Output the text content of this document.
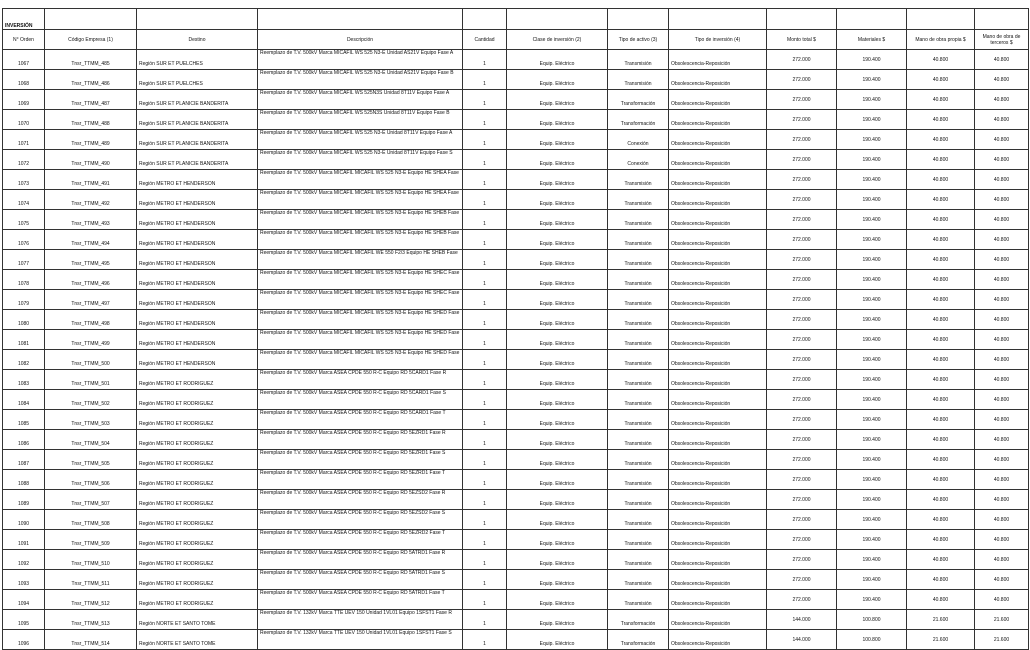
INVERSIÓN											
N° Orden	Código Empresa (1)	Destino	Descripción	Cantidad	Clase de inversión (2)	Tipo de activo (3)	Tipo de inversión (4)	Monto total $	Materiales $	Mano de obra propia $	Mano de obra de terceros $
1067	Tnsr_TTMM_485	Región SUR ET PUELCHES	Reemplazo de T.V. 500kV Marca MICAFIL WS 525 N3-E Unidad AS21V Equipo Fase A	1	Equip. Eléctrico	Transmisión	Obsolescencia-Reposición	272.000	190.400	40.800	40.800
1068	Tnsr_TTMM_486	Región SUR ET PUELCHES	Reemplazo de T.V. 500kV Marca MICAFIL WS 525 N3-E Unidad AS21V Equipo Fase B	1	Equip. Eléctrico	Transmisión	Obsolescencia-Reposición	272.000	190.400	40.800	40.800
1069	Tnsr_TTMM_487	Región SUR ET PLANICIE BANDERITA	Reemplazo de T.V. 500kV Marca MICAFIL WS 525N3S Unidad 8T11V Equipo Fase A	1	Equip. Eléctrico	Transformación	Obsolescencia-Reposición	272.000	190.400	40.800	40.800
1070	Tnsr_TTMM_488	Región SUR ET PLANICIE BANDERITA	Reemplazo de T.V. 500kV Marca MICAFIL WS 525N3S Unidad 8T11V Equipo Fase B	1	Equip. Eléctrico	Transformación	Obsolescencia-Reposición	272.000	190.400	40.800	40.800
1071	Tnsr_TTMM_489	Región SUR ET PLANICIE BANDERITA	Reemplazo de T.V. 500kV Marca MICAFIL WS 525 N3-E Unidad 8T11V Equipo Fase A	1	Equip. Eléctrico	Conexión	Obsolescencia-Reposición	272.000	190.400	40.800	40.800
1072	Tnsr_TTMM_490	Región SUR ET PLANICIE BANDERITA	Reemplazo de T.V. 500kV Marca MICAFIL WS 525 N3-E Unidad 8T11V Equipo Fase S	1	Equip. Eléctrico	Conexión	Obsolescencia-Reposición	272.000	190.400	40.800	40.800
1073	Tnsr_TTMM_491	Región METRO ET HENDERSON	Reemplazo de T.V. 500kV Marca MICAFIL MICAFIL WS 525 N3-E Equipo HE SHEA Fase	1	Equip. Eléctrico	Transmisión	Obsolescencia-Reposición	272.000	190.400	40.800	40.800
1074	Tnsr_TTMM_492	Región METRO ET HENDERSON	Reemplazo de T.V. 500kV Marca MICAFIL MICAFIL WS 525 N3-E Equipo HE SHEA Fase	1	Equip. Eléctrico	Transmisión	Obsolescencia-Reposición	272.000	190.400	40.800	40.800
1075	Tnsr_TTMM_493	Región METRO ET HENDERSON	Reemplazo de T.V. 500kV Marca MICAFIL MICAFIL WS 525 N3-E Equipo HE SHEB Fase	1	Equip. Eléctrico	Transmisión	Obsolescencia-Reposición	272.000	190.400	40.800	40.800
1076	Tnsr_TTMM_494	Región METRO ET HENDERSON	Reemplazo de T.V. 500kV Marca MICAFIL MICAFIL WS 525 N3-E Equipo HE SHEB Fase	1	Equip. Eléctrico	Transmisión	Obsolescencia-Reposición	272.000	190.400	40.800	40.800
1077	Tnsr_TTMM_495	Región METRO ET HENDERSON	Reemplazo de T.V. 500kV Marca MICAFIL MICAFIL WE 550 F2/3 Equipo HE SHEB Fase	1	Equip. Eléctrico	Transmisión	Obsolescencia-Reposición	272.000	190.400	40.800	40.800
1078	Tnsr_TTMM_496	Región METRO ET HENDERSON	Reemplazo de T.V. 500kV Marca MICAFIL MICAFIL WS 525 N3-E Equipo HE SHEC Fase	1	Equip. Eléctrico	Transmisión	Obsolescencia-Reposición	272.000	190.400	40.800	40.800
1079	Tnsr_TTMM_497	Región METRO ET HENDERSON	Reemplazo de T.V. 500kV Marca MICAFIL MICAFIL WS 525 N3-E Equipo HE SHEC Fase	1	Equip. Eléctrico	Transmisión	Obsolescencia-Reposición	272.000	190.400	40.800	40.800
1080	Tnsr_TTMM_498	Región METRO ET HENDERSON	Reemplazo de T.V. 500kV Marca MICAFIL MICAFIL WS 525 N3-E Equipo HE SHED Fase	1	Equip. Eléctrico	Transmisión	Obsolescencia-Reposición	272.000	190.400	40.800	40.800
1081	Tnsr_TTMM_499	Región METRO ET HENDERSON	Reemplazo de T.V. 500kV Marca MICAFIL MICAFIL WS 525 N3-E Equipo HE SHED Fase	1	Equip. Eléctrico	Transmisión	Obsolescencia-Reposición	272.000	190.400	40.800	40.800
1082	Tnsr_TTMM_500	Región METRO ET HENDERSON	Reemplazo de T.V. 500kV Marca MICAFIL MICAFIL WS 525 N3-E Equipo HE SHED Fase	1	Equip. Eléctrico	Transmisión	Obsolescencia-Reposición	272.000	190.400	40.800	40.800
1083	Tnsr_TTMM_501	Región METRO ET RODRIGUEZ	Reemplazo de T.V. 500kV Marca ASEA CPDE 550 R-C Equipo RD 5CARD1 Fase R	1	Equip. Eléctrico	Transmisión	Obsolescencia-Reposición	272.000	190.400	40.800	40.800
1084	Tnsr_TTMM_502	Región METRO ET RODRIGUEZ	Reemplazo de T.V. 500kV Marca ASEA CPDE 550 R-C Equipo RD 5CARD1 Fase S	1	Equip. Eléctrico	Transmisión	Obsolescencia-Reposición	272.000	190.400	40.800	40.800
1085	Tnsr_TTMM_503	Región METRO ET RODRIGUEZ	Reemplazo de T.V. 500kV Marca ASEA CPDE 550 R-C Equipo RD 5CARD1 Fase T	1	Equip. Eléctrico	Transmisión	Obsolescencia-Reposición	272.000	190.400	40.800	40.800
1086	Tnsr_TTMM_504	Región METRO ET RODRIGUEZ	Reemplazo de T.V. 500kV Marca ASEA CPDE 550 R-C Equipo RD 5EZRD1 Fase R	1	Equip. Eléctrico	Transmisión	Obsolescencia-Reposición	272.000	190.400	40.800	40.800
1087	Tnsr_TTMM_505	Región METRO ET RODRIGUEZ	Reemplazo de T.V. 500kV Marca ASEA CPDE 550 R-C Equipo RD 5EZRD1 Fase S	1	Equip. Eléctrico	Transmisión	Obsolescencia-Reposición	272.000	190.400	40.800	40.800
1088	Tnsr_TTMM_506	Región METRO ET RODRIGUEZ	Reemplazo de T.V. 500kV Marca ASEA CPDE 550 R-C Equipo RD 5EZRD1 Fase T	1	Equip. Eléctrico	Transmisión	Obsolescencia-Reposición	272.000	190.400	40.800	40.800
1089	Tnsr_TTMM_507	Región METRO ET RODRIGUEZ	Reemplazo de T.V. 500kV Marca ASEA CPDE 550 R-C Equipo RD 5EZSD2 Fase R	1	Equip. Eléctrico	Transmisión	Obsolescencia-Reposición	272.000	190.400	40.800	40.800
1090	Tnsr_TTMM_508	Región METRO ET RODRIGUEZ	Reemplazo de T.V. 500kV Marca ASEA CPDE 550 R-C Equipo RD 5EZSD2 Fase S	1	Equip. Eléctrico	Transmisión	Obsolescencia-Reposición	272.000	190.400	40.800	40.800
1091	Tnsr_TTMM_509	Región METRO ET RODRIGUEZ	Reemplazo de T.V. 500kV Marca ASEA CPDE 550 R-C Equipo RD 5EZRD2 Fase T	1	Equip. Eléctrico	Transmisión	Obsolescencia-Reposición	272.000	190.400	40.800	40.800
1092	Tnsr_TTMM_510	Región METRO ET RODRIGUEZ	Reemplazo de T.V. 500kV Marca ASEA CPDE 550 R-C Equipo RD 5ATRD1 Fase R	1	Equip. Eléctrico	Transmisión	Obsolescencia-Reposición	272.000	190.400	40.800	40.800
1093	Tnsr_TTMM_511	Región METRO ET RODRIGUEZ	Reemplazo de T.V. 500kV Marca ASEA CPDE 550 R-C Equipo RD 5ATRD1 Fase S	1	Equip. Eléctrico	Transmisión	Obsolescencia-Reposición	272.000	190.400	40.800	40.800
1094	Tnsr_TTMM_512	Región METRO ET RODRIGUEZ	Reemplazo de T.V. 500kV Marca ASEA CPDE 550 R-C Equipo RD 5ATRD1 Fase T	1	Equip. Eléctrico	Transmisión	Obsolescencia-Reposición	272.000	190.400	40.800	40.800
1095	Tnsr_TTMM_513	Región NORTE ET SANTO TOME	Reemplazo de T.V. 132kV Marca TTE UEV 150 Unidad 1VL01 Equipo 1SFST1 Fase R	1	Equip. Eléctrico	Transformación	Obsolescencia-Reposición	144.000	100.800	21.600	21.600
1096	Tnsr_TTMM_514	Región NORTE ET SANTO TOME	Reemplazo de T.V. 132kV Marca TTE UEV 150 Unidad 1VL01 Equipo 1SFST1 Fase S	1	Equip. Eléctrico	Transformación	Obsolescencia-Reposición	144.000	100.800	21.600	21.600
